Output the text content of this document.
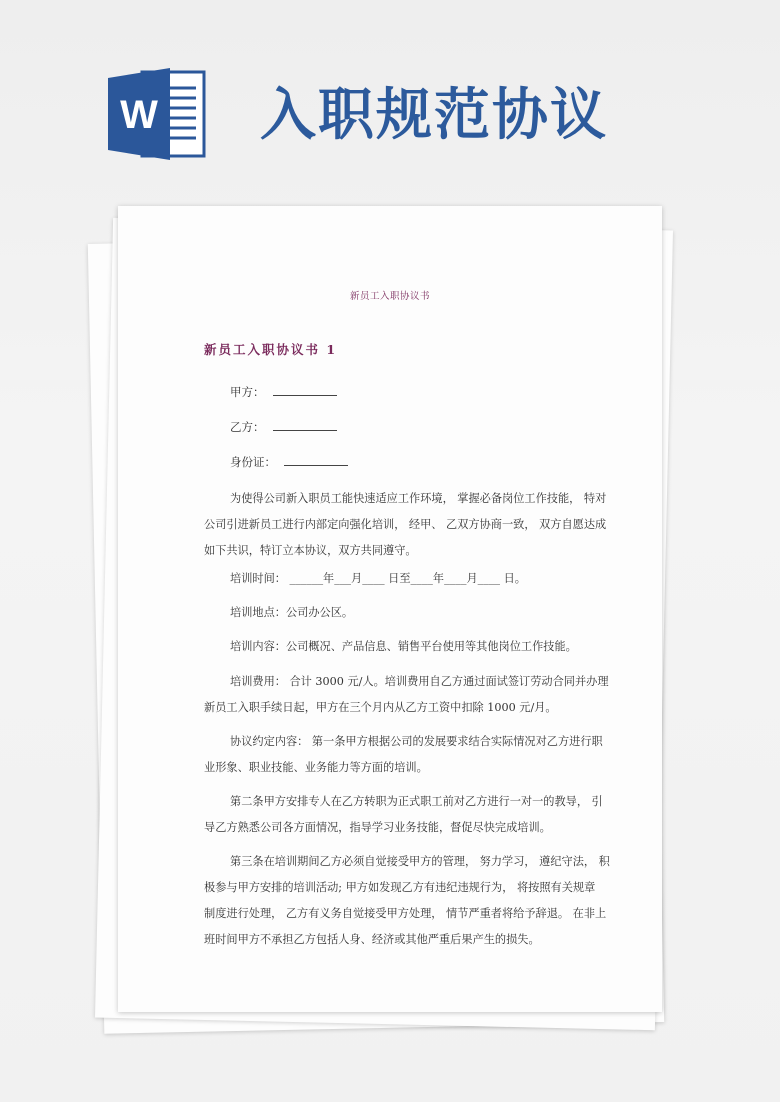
W 入职规范协议
新员工入职协议书
新员工入职协议书 1
甲方：
乙方：
身份证：
为使得公司新入职员工能快速适应工作环境， 掌握必备岗位工作技能， 特对
公司引进新员工进行内部定向强化培训， 经甲、 乙双方协商一致， 双方自愿达成
如下共识，特订立本协议，双方共同遵守。
培训时间： ______年___月____ 日至____年____月____ 日。
培训地点：公司办公区。
培训内容：公司概况、产品信息、销售平台使用等其他岗位工作技能。
培训费用： 合计 3000 元/人。培训费用自乙方通过面试签订劳动合同并办理
新员工入职手续日起，甲方在三个月内从乙方工资中扣除 1000 元/月。
协议约定内容： 第一条甲方根据公司的发展要求结合实际情况对乙方进行职
业形象、职业技能、业务能力等方面的培训。
第二条甲方安排专人在乙方转职为正式职工前对乙方进行一对一的教导， 引
导乙方熟悉公司各方面情况，指导学习业务技能，督促尽快完成培训。
第三条在培训期间乙方必须自觉接受甲方的管理， 努力学习， 遵纪守法， 积
极参与甲方安排的培训活动; 甲方如发现乙方有违纪违规行为， 将按照有关规章
制度进行处理， 乙方有义务自觉接受甲方处理， 情节严重者将给予辞退。 在非上
班时间甲方不承担乙方包括人身、经济或其他严重后果产生的损失。
